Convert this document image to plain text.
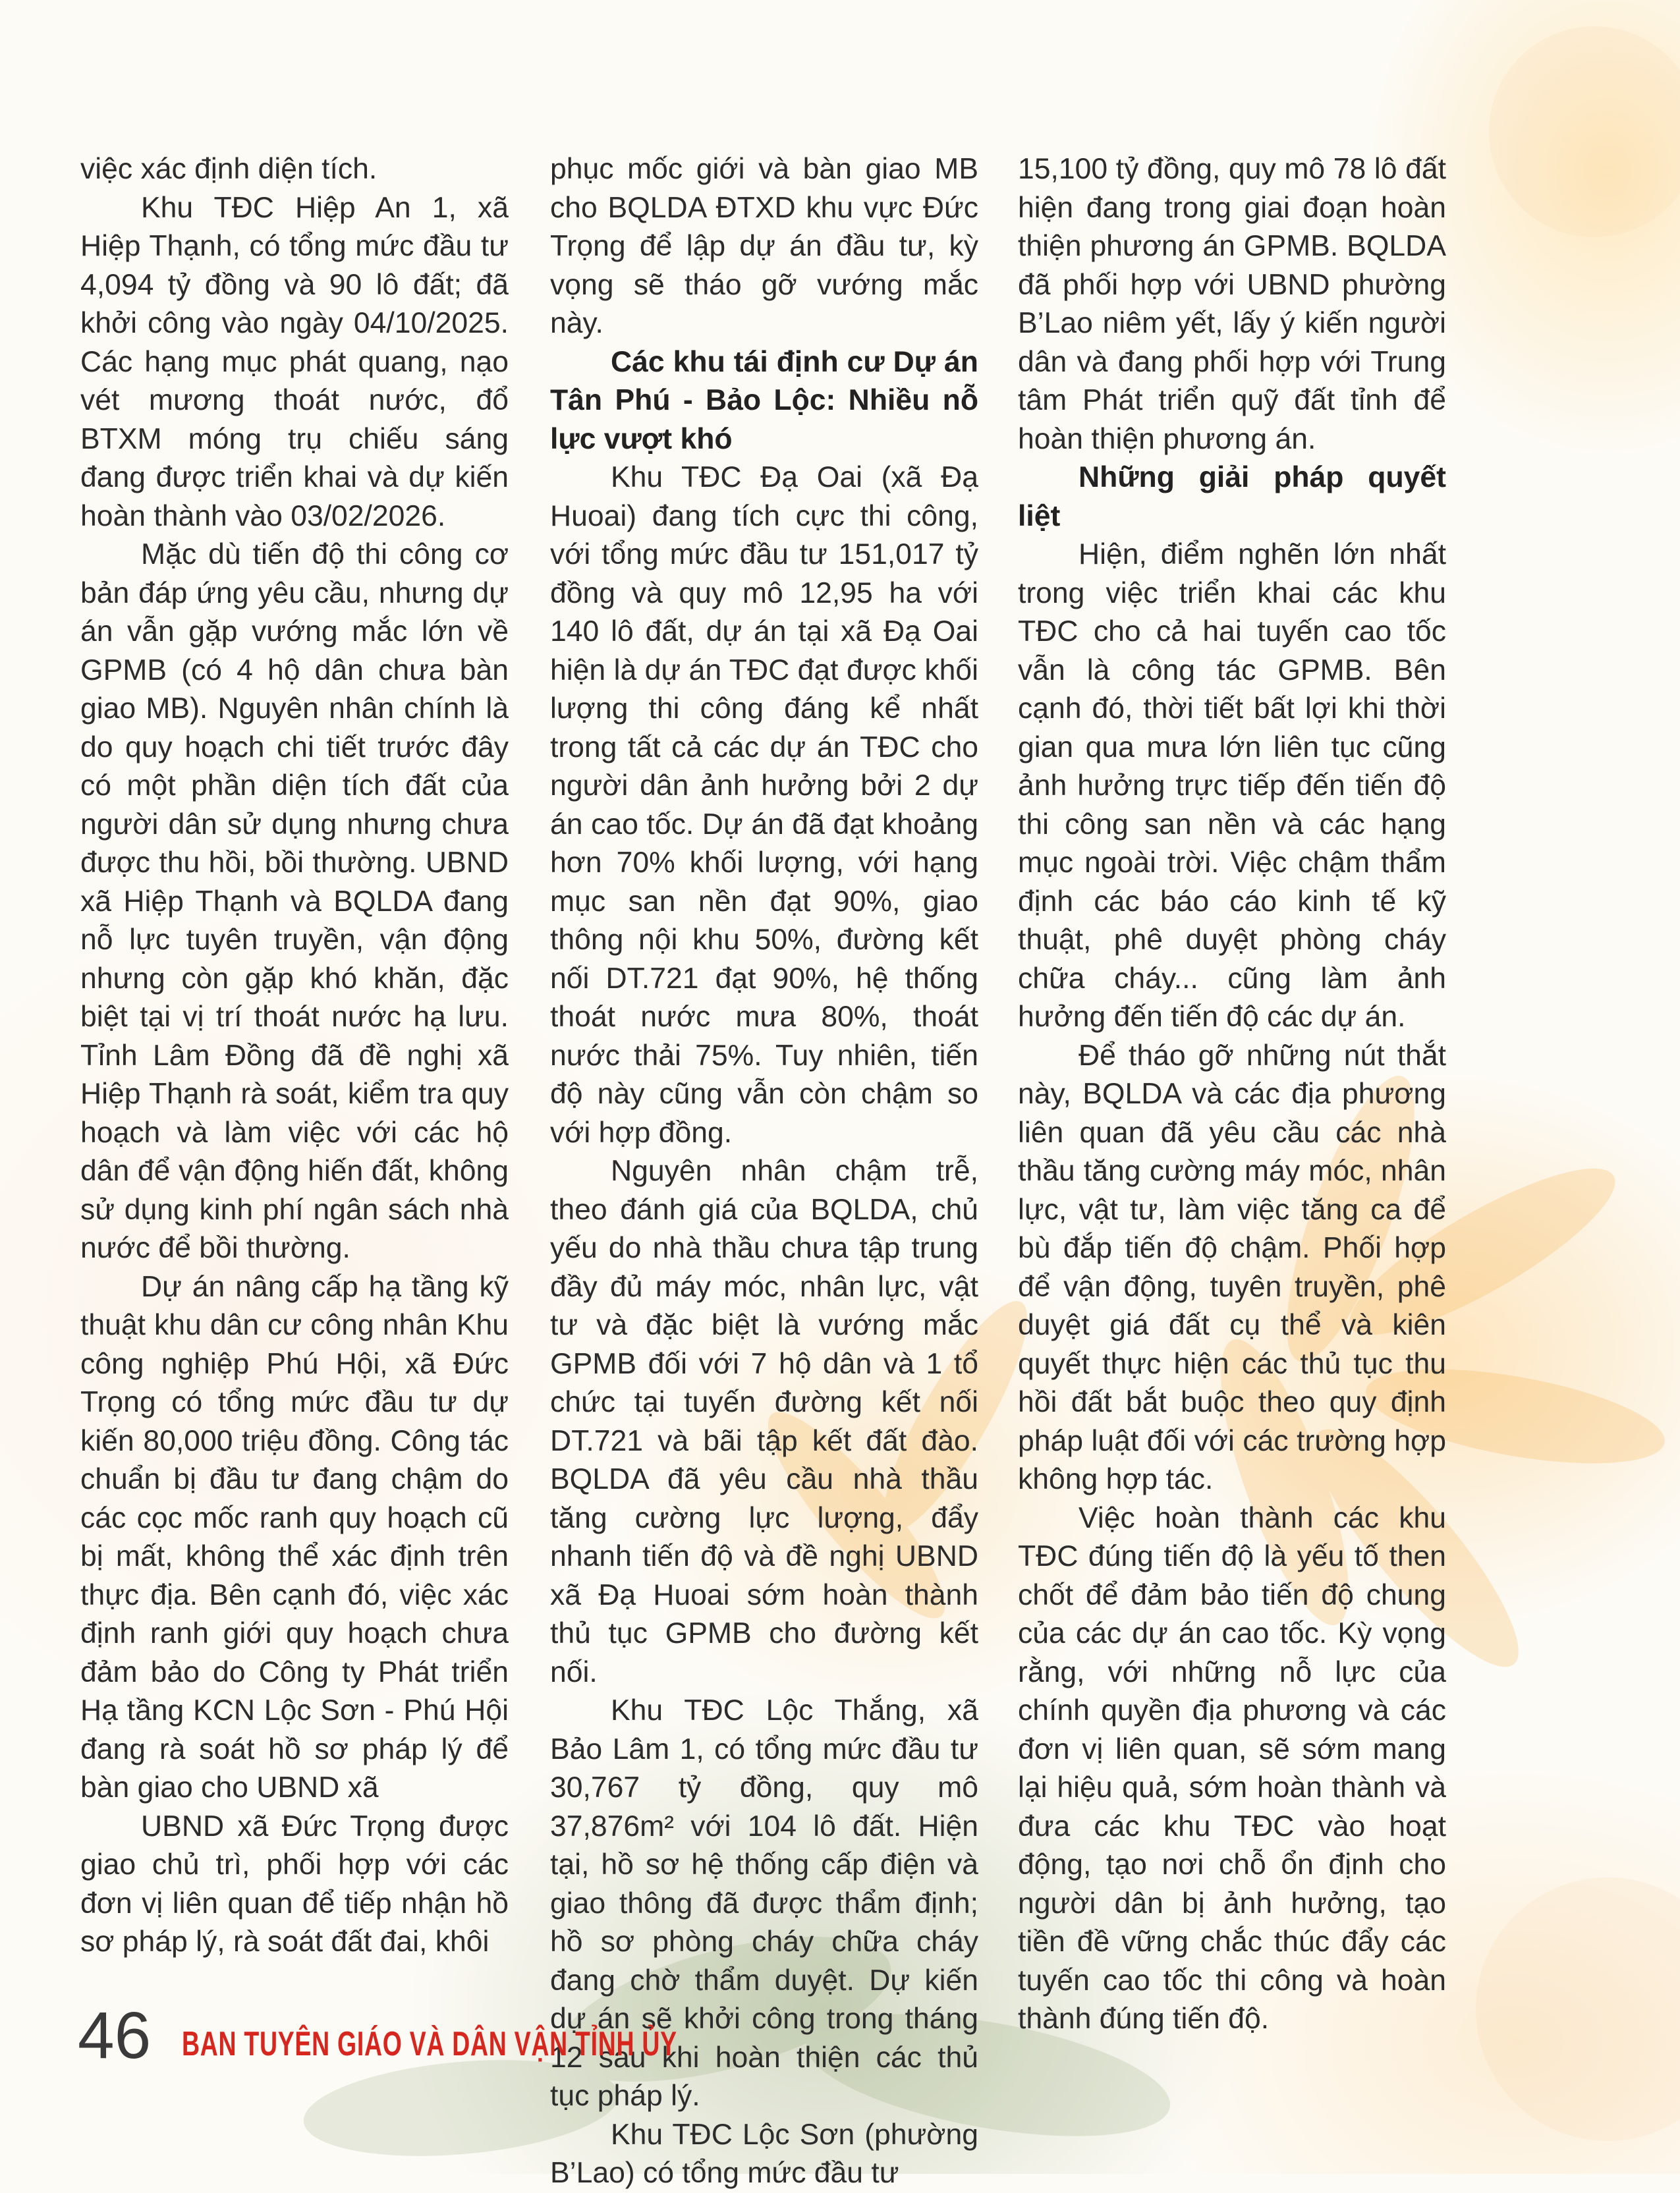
việc xác định diện tích.

Khu TĐC Hiệp An 1, xã Hiệp Thạnh, có tổng mức đầu tư 4,094 tỷ đồng và 90 lô đất; đã khởi công vào ngày 04/10/2025. Các hạng mục phát quang, nạo vét mương thoát nước, đổ BTXM móng trụ chiếu sáng đang được triển khai và dự kiến hoàn thành vào 03/02/2026.

Mặc dù tiến độ thi công cơ bản đáp ứng yêu cầu, nhưng dự án vẫn gặp vướng mắc lớn về GPMB (có 4 hộ dân chưa bàn giao MB). Nguyên nhân chính là do quy hoạch chi tiết trước đây có một phần diện tích đất của người dân sử dụng nhưng chưa được thu hồi, bồi thường. UBND xã Hiệp Thạnh và BQLDA đang nỗ lực tuyên truyền, vận động nhưng còn gặp khó khăn, đặc biệt tại vị trí thoát nước hạ lưu. Tỉnh Lâm Đồng đã đề nghị xã Hiệp Thạnh rà soát, kiểm tra quy hoạch và làm việc với các hộ dân để vận động hiến đất, không sử dụng kinh phí ngân sách nhà nước để bồi thường.

Dự án nâng cấp hạ tầng kỹ thuật khu dân cư công nhân Khu công nghiệp Phú Hội, xã Đức Trọng có tổng mức đầu tư dự kiến 80,000 triệu đồng. Công tác chuẩn bị đầu tư đang chậm do các cọc mốc ranh quy hoạch cũ bị mất, không thể xác định trên thực địa. Bên cạnh đó, việc xác định ranh giới quy hoạch chưa đảm bảo do Công ty Phát triển Hạ tầng KCN Lộc Sơn - Phú Hội đang rà soát hồ sơ pháp lý để bàn giao cho UBND xã

UBND xã Đức Trọng được giao chủ trì, phối hợp với các đơn vị liên quan để tiếp nhận hồ sơ pháp lý, rà soát đất đai, khôi

phục mốc giới và bàn giao MB cho BQLDA ĐTXD khu vực Đức Trọng để lập dự án đầu tư, kỳ vọng sẽ tháo gỡ vướng mắc này.

Các khu tái định cư Dự án Tân Phú - Bảo Lộc: Nhiều nỗ lực vượt khó

Khu TĐC Đạ Oai (xã Đạ Huoai) đang tích cực thi công, với tổng mức đầu tư 151,017 tỷ đồng và quy mô 12,95 ha với 140 lô đất, dự án tại xã Đạ Oai hiện là dự án TĐC đạt được khối lượng thi công đáng kể nhất trong tất cả các dự án TĐC cho người dân ảnh hưởng bởi 2 dự án cao tốc. Dự án đã đạt khoảng hơn 70% khối lượng, với hạng mục san nền đạt 90%, giao thông nội khu 50%, đường kết nối DT.721 đạt 90%, hệ thống thoát nước mưa 80%, thoát nước thải 75%. Tuy nhiên, tiến độ này cũng vẫn còn chậm so với hợp đồng.

Nguyên nhân chậm trễ, theo đánh giá của BQLDA, chủ yếu do nhà thầu chưa tập trung đầy đủ máy móc, nhân lực, vật tư và đặc biệt là vướng mắc GPMB đối với 7 hộ dân và 1 tổ chức tại tuyến đường kết nối DT.721 và bãi tập kết đất đào. BQLDA đã yêu cầu nhà thầu tăng cường lực lượng, đẩy nhanh tiến độ và đề nghị UBND xã Đạ Huoai sớm hoàn thành thủ tục GPMB cho đường kết nối.

Khu TĐC Lộc Thắng, xã Bảo Lâm 1, có tổng mức đầu tư 30,767 tỷ đồng, quy mô 37,876m² với 104 lô đất. Hiện tại, hồ sơ hệ thống cấp điện và giao thông đã được thẩm định; hồ sơ phòng cháy chữa cháy đang chờ thẩm duyệt. Dự kiến dự án sẽ khởi công trong tháng 12 sau khi hoàn thiện các thủ tục pháp lý.

Khu TĐC Lộc Sơn (phường B’Lao) có tổng mức đầu tư

15,100 tỷ đồng, quy mô 78 lô đất hiện đang trong giai đoạn hoàn thiện phương án GPMB. BQLDA đã phối hợp với UBND phường B’Lao niêm yết, lấy ý kiến người dân và đang phối hợp với Trung tâm Phát triển quỹ đất tỉnh để hoàn thiện phương án.

Những giải pháp quyết liệt

Hiện, điểm nghẽn lớn nhất trong việc triển khai các khu TĐC cho cả hai tuyến cao tốc vẫn là công tác GPMB. Bên cạnh đó, thời tiết bất lợi khi thời gian qua mưa lớn liên tục cũng ảnh hưởng trực tiếp đến tiến độ thi công san nền và các hạng mục ngoài trời. Việc chậm thẩm định các báo cáo kinh tế kỹ thuật, phê duyệt phòng cháy chữa cháy... cũng làm ảnh hưởng đến tiến độ các dự án.

Để tháo gỡ những nút thắt này, BQLDA và các địa phương liên quan đã yêu cầu các nhà thầu tăng cường máy móc, nhân lực, vật tư, làm việc tăng ca để bù đắp tiến độ chậm. Phối hợp để vận động, tuyên truyền, phê duyệt giá đất cụ thể và kiên quyết thực hiện các thủ tục thu hồi đất bắt buộc theo quy định pháp luật đối với các trường hợp không hợp tác.

Việc hoàn thành các khu TĐC đúng tiến độ là yếu tố then chốt để đảm bảo tiến độ chung của các dự án cao tốc. Kỳ vọng rằng, với những nỗ lực của chính quyền địa phương và các đơn vị liên quan, sẽ sớm mang lại hiệu quả, sớm hoàn thành và đưa các khu TĐC vào hoạt động, tạo nơi chỗ ổn định cho người dân bị ảnh hưởng, tạo tiền đề vững chắc thúc đẩy các tuyến cao tốc thi công và hoàn thành đúng tiến độ.

46 BAN TUYÊN GIÁO VÀ DÂN VẬN TỈNH ỦY
